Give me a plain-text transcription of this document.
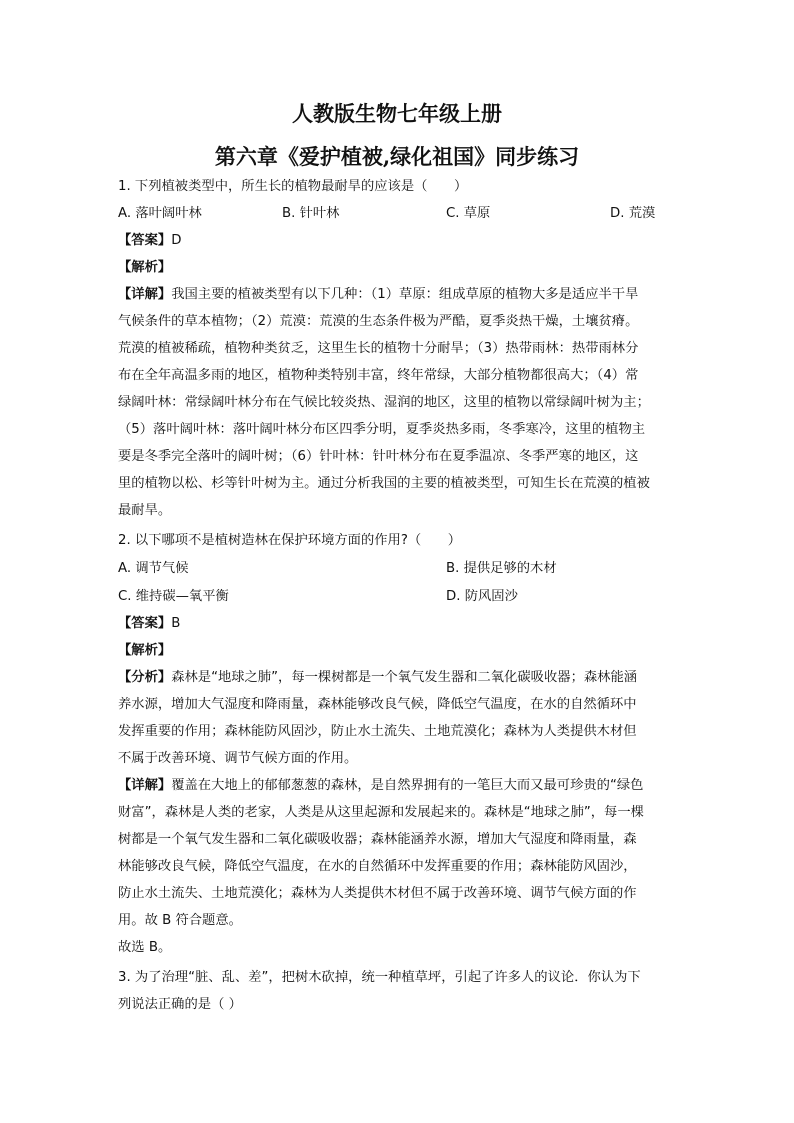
人教版生物七年级上册
第六章《爱护植被,绿化祖国》同步练习
1. 下列植被类型中，所生长的植物最耐旱的应该是（　　）
A. 落叶阔叶林	B. 针叶林	C. 草原	D. 荒漠
【答案】D
【解析】
【详解】我国主要的植被类型有以下几种：（1）草原：组成草原的植物大多是适应半干旱
气候条件的草本植物；（2）荒漠：荒漠的生态条件极为严酷，夏季炎热干燥，土壤贫瘠。
荒漠的植被稀疏，植物种类贫乏，这里生长的植物十分耐旱；（3）热带雨林：热带雨林分
布在全年高温多雨的地区，植物种类特别丰富，终年常绿，大部分植物都很高大；（4）常
绿阔叶林：常绿阔叶林分布在气候比较炎热、湿润的地区，这里的植物以常绿阔叶树为主；
（5）落叶阔叶林：落叶阔叶林分布区四季分明，夏季炎热多雨，冬季寒冷，这里的植物主
要是冬季完全落叶的阔叶树；（6）针叶林：针叶林分布在夏季温凉、冬季严寒的地区，这
里的植物以松、杉等针叶树为主。通过分析我国的主要的植被类型，可知生长在荒漠的植被
最耐旱。
2. 以下哪项不是植树造林在保护环境方面的作用?（　　）
A. 调节气候	B. 提供足够的木材
C. 维持碳—氧平衡	D. 防风固沙
【答案】B
【解析】
【分析】森林是“地球之肺”，每一棵树都是一个氧气发生器和二氧化碳吸收器；森林能涵
养水源，增加大气湿度和降雨量，森林能够改良气候，降低空气温度，在水的自然循环中
发挥重要的作用；森林能防风固沙，防止水土流失、土地荒漠化；森林为人类提供木材但
不属于改善环境、调节气候方面的作用。
【详解】覆盖在大地上的郁郁葱葱的森林，是自然界拥有的一笔巨大而又最可珍贵的“绿色
财富”，森林是人类的老家，人类是从这里起源和发展起来的。森林是“地球之肺”，每一棵
树都是一个氧气发生器和二氧化碳吸收器；森林能涵养水源，增加大气湿度和降雨量，森
林能够改良气候，降低空气温度，在水的自然循环中发挥重要的作用；森林能防风固沙，
防止水土流失、土地荒漠化；森林为人类提供木材但不属于改善环境、调节气候方面的作
用。故 B 符合题意。
故选 B。
3. 为了治理“脏、乱、差”，把树木砍掉，统一种植草坪，引起了许多人的议论．你认为下
列说法正确的是（ ）
